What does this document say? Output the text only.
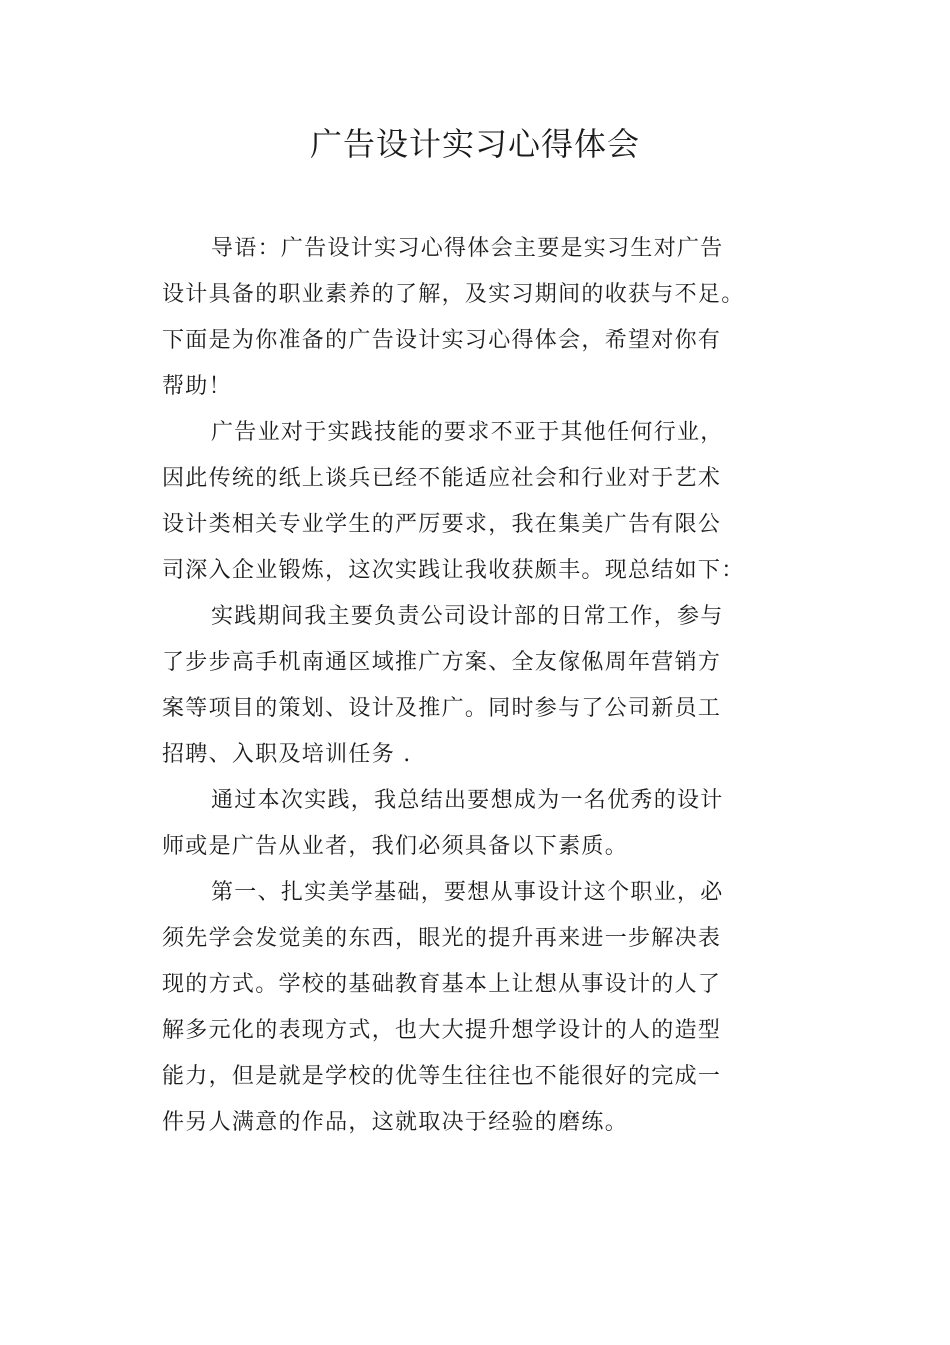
广告设计实习心得体会
导语：广告设计实习心得体会主要是实习生对广告
设计具备的职业素养的了解，及实习期间的收获与不足。
下面是为你准备的广告设计实习心得体会，希望对你有
帮助！
广告业对于实践技能的要求不亚于其他任何行业，
因此传统的纸上谈兵已经不能适应社会和行业对于艺术
设计类相关专业学生的严厉要求，我在集美广告有限公
司深入企业锻炼，这次实践让我收获颇丰。现总结如下：
实践期间我主要负责公司设计部的日常工作，参与
了步步高手机南通区域推广方案、全友傢俬周年营销方
案等项目的策划、设计及推广。同时参与了公司新员工
招聘、入职及培训任务 .
通过本次实践，我总结出要想成为一名优秀的设计
师或是广告从业者，我们必须具备以下素质。
第一、扎实美学基础，要想从事设计这个职业，必
须先学会发觉美的东西，眼光的提升再来进一步解决表
现的方式。学校的基础教育基本上让想从事设计的人了
解多元化的表现方式，也大大提升想学设计的人的造型
能力，但是就是学校的优等生往往也不能很好的完成一
件另人满意的作品，这就取决于经验的磨练。
